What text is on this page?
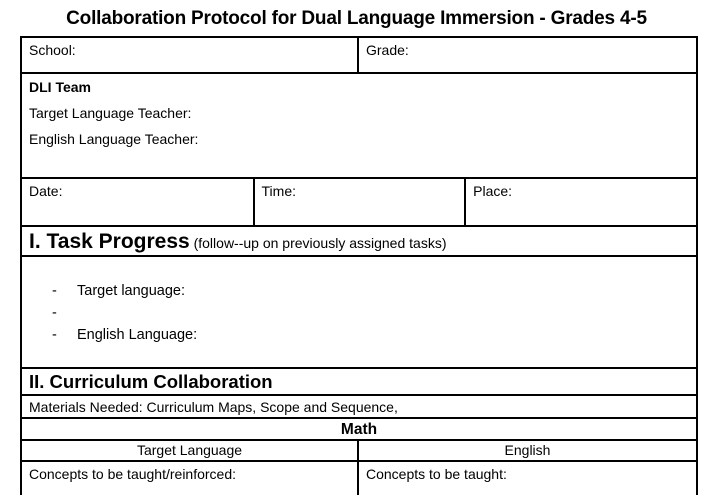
Collaboration Protocol for Dual Language Immersion - Grades 4-5
School:	Grade:

DLI Team

Target Language Teacher:

English Language Teacher:

Date:	Time:	Place:
I. Task Progress (follow--up on previously assigned tasks)
-	Target language:
-
-	English Language:
II. Curriculum Collaboration
Materials Needed: Curriculum Maps, Scope and Sequence,
Math
Target Language	English
Concepts to be taught/reinforced:	Concepts to be taught:
